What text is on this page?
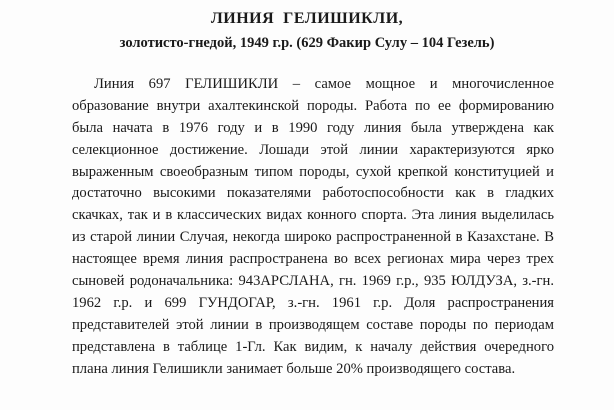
ЛИНИЯ  ГЕЛИШИКЛИ,
золотисто-гнедой, 1949 г.р. (629 Факир Сулу – 104 Гезель)
Линия 697 ГЕЛИШИКЛИ – самое мощное и многочисленное
образование внутри ахалтекинской породы. Работа по ее формированию
была начата в 1976 году и в 1990 году линия была утверждена как
селекционное достижение. Лошади этой линии характеризуются ярко
выраженным своеобразным типом породы, сухой крепкой конституцией и
достаточно высокими показателями работоспособности как в гладких
скачках, так и в классических видах конного спорта. Эта линия выделилась
из старой линии Случая, некогда широко распространенной в Казахстане. В
настоящее время линия распространена во всех регионах мира через трех
сыновей родоначальника: 943АРСЛАНА, гн. 1969 г.р., 935 ЮЛДУЗА, з.-гн.
1962 г.р. и 699 ГУНДОГАР, з.-гн. 1961 г.р. Доля распространения
представителей этой линии в производящем составе породы по периодам
представлена в таблице 1-Гл. Как видим, к началу действия очередного
плана линия Гелишикли занимает больше 20% производящего состава.
